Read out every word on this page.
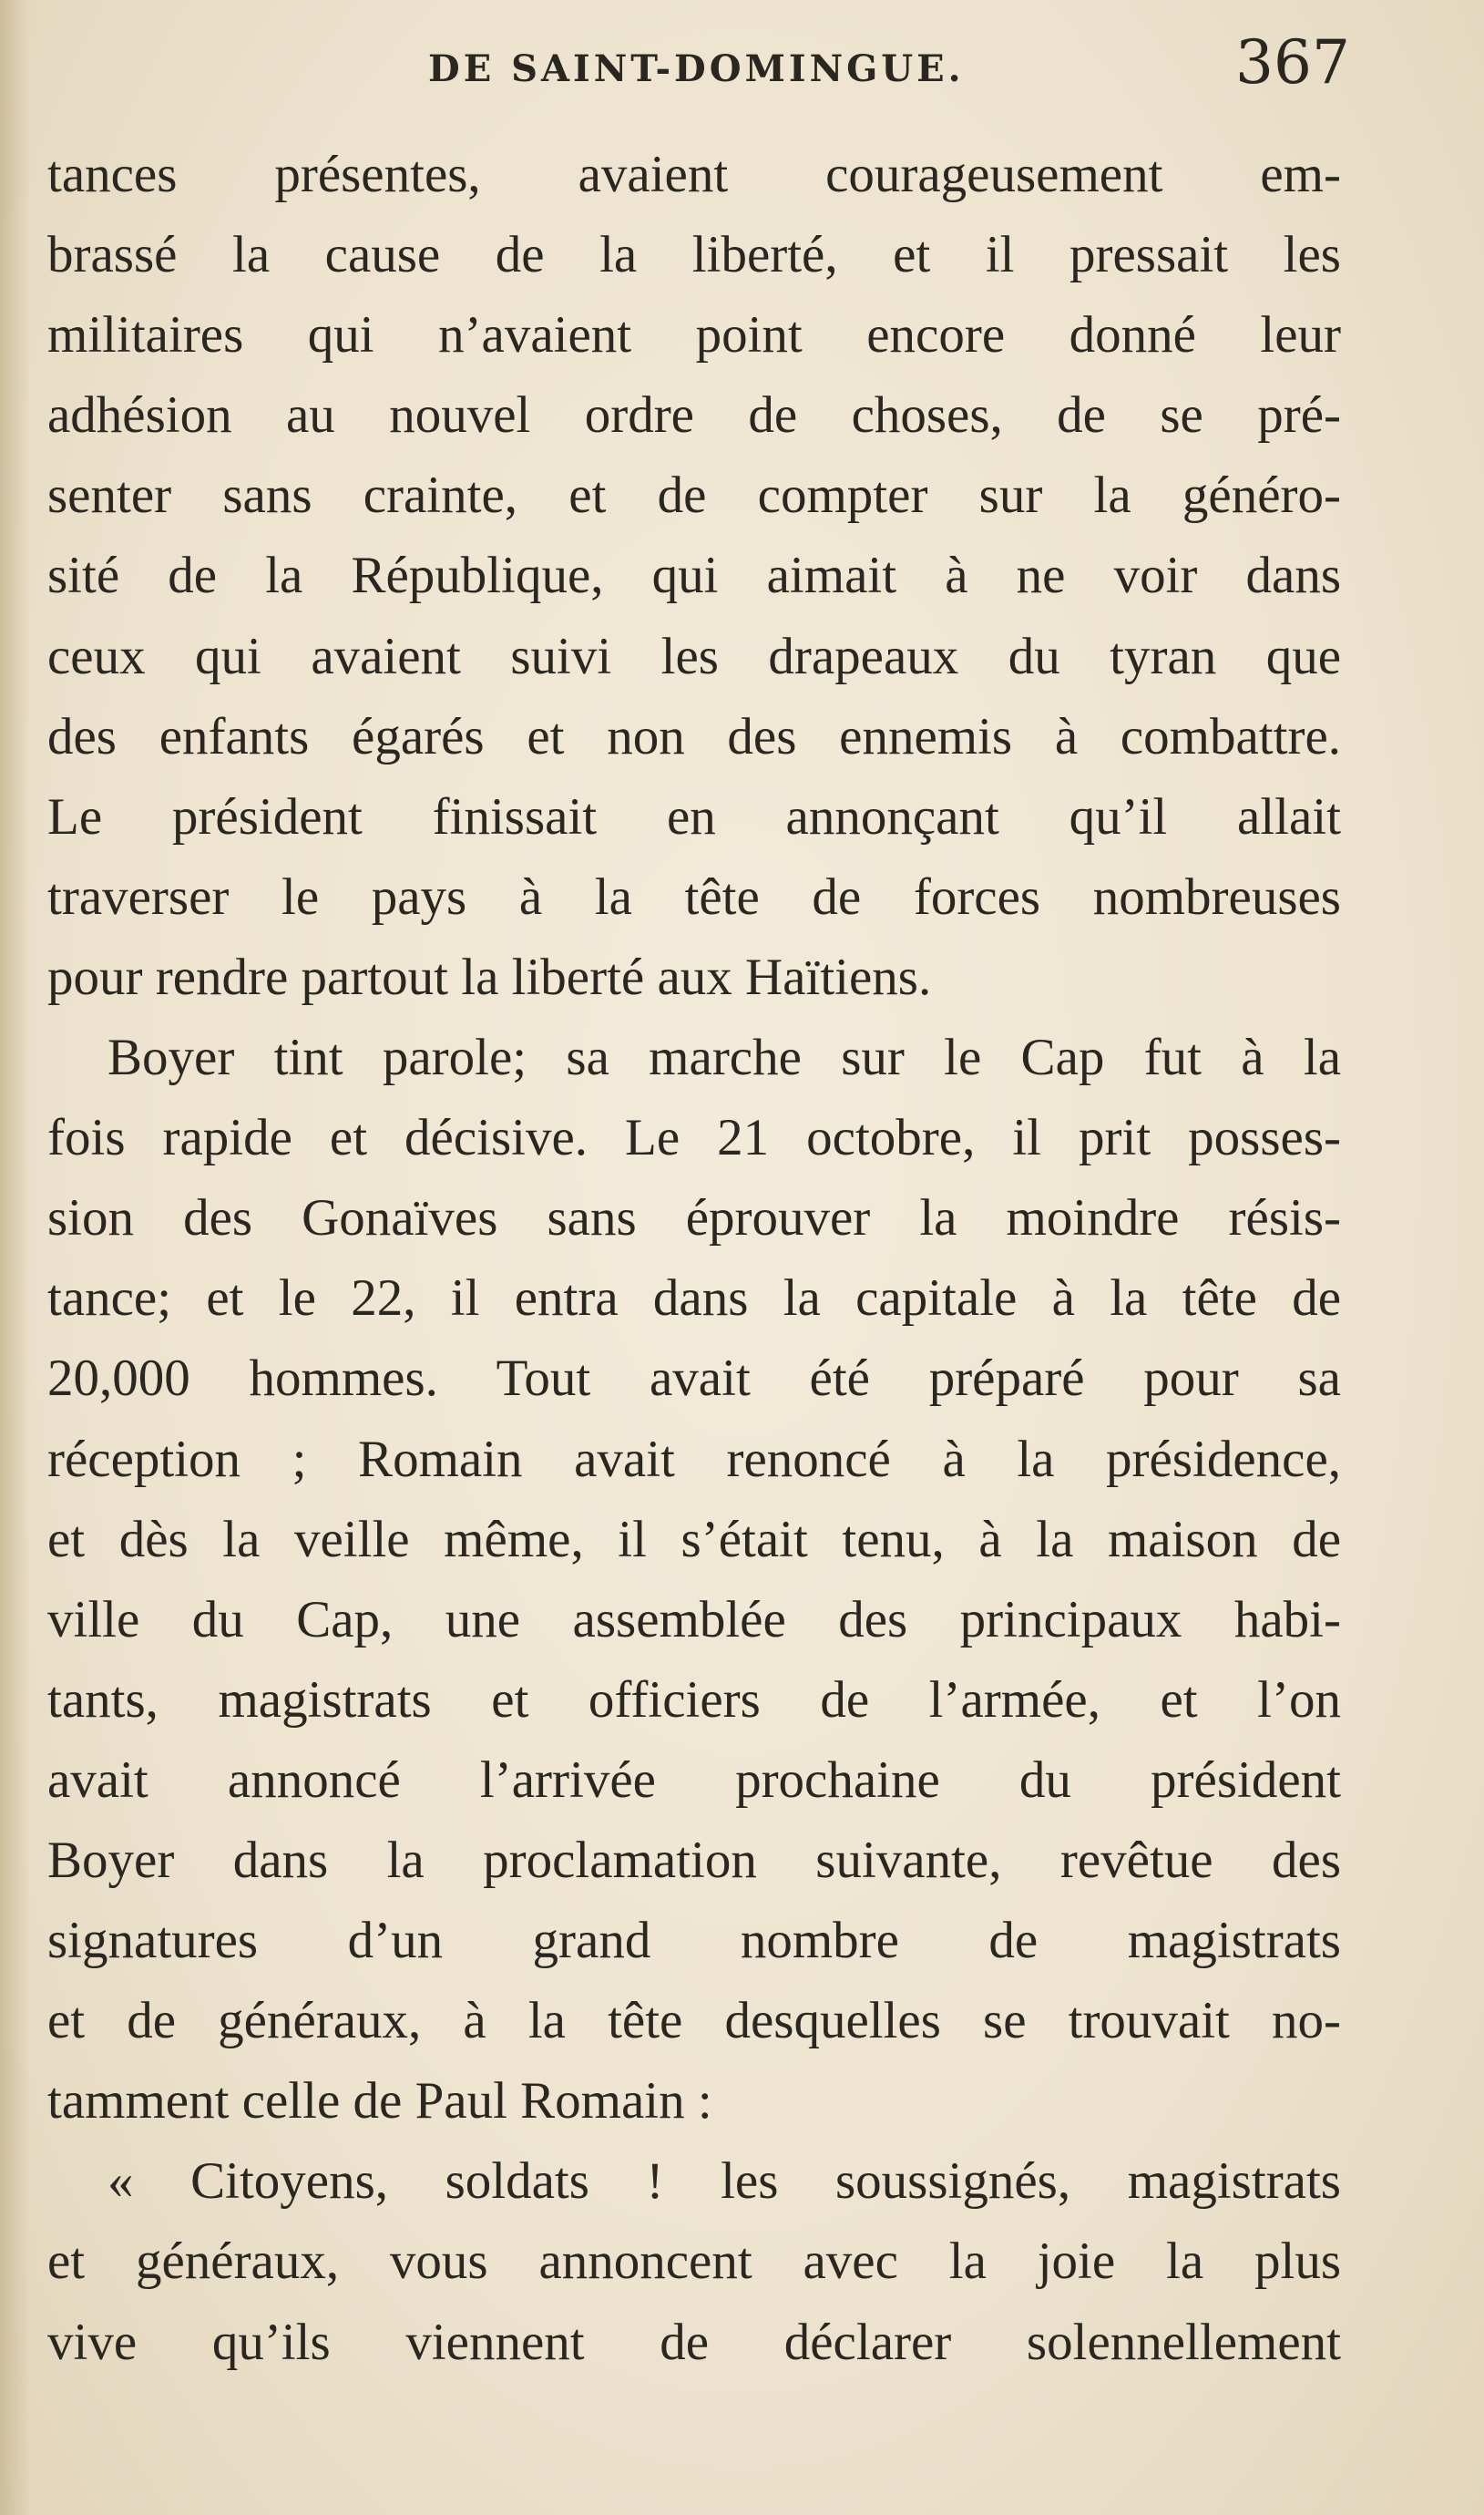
DE SAINT-DOMINGUE.	367
tances présentes, avaient courageusement em-
brassé la cause de la liberté, et il pressait les
militaires qui n’avaient point encore donné leur
adhésion au nouvel ordre de choses, de se pré-
senter sans crainte, et de compter sur la généro-
sité de la République, qui aimait à ne voir dans
ceux qui avaient suivi les drapeaux du tyran que
des enfants égarés et non des ennemis à combattre.
Le président finissait en annonçant qu’il allait
traverser le pays à la tête de forces nombreuses
pour rendre partout la liberté aux Haïtiens.
Boyer tint parole; sa marche sur le Cap fut à la
fois rapide et décisive. Le 21 octobre, il prit posses-
sion des Gonaïves sans éprouver la moindre résis-
tance; et le 22, il entra dans la capitale à la tête de
20,000 hommes. Tout avait été préparé pour sa
réception ; Romain avait renoncé à la présidence,
et dès la veille même, il s’était tenu, à la maison de
ville du Cap, une assemblée des principaux habi-
tants, magistrats et officiers de l’armée, et l’on
avait annoncé l’arrivée prochaine du président
Boyer dans la proclamation suivante, revêtue des
signatures d’un grand nombre de magistrats
et de généraux, à la tête desquelles se trouvait no-
tamment celle de Paul Romain :
« Citoyens, soldats ! les soussignés, magistrats
et généraux, vous annoncent avec la joie la plus
vive qu’ils viennent de déclarer solennellement
